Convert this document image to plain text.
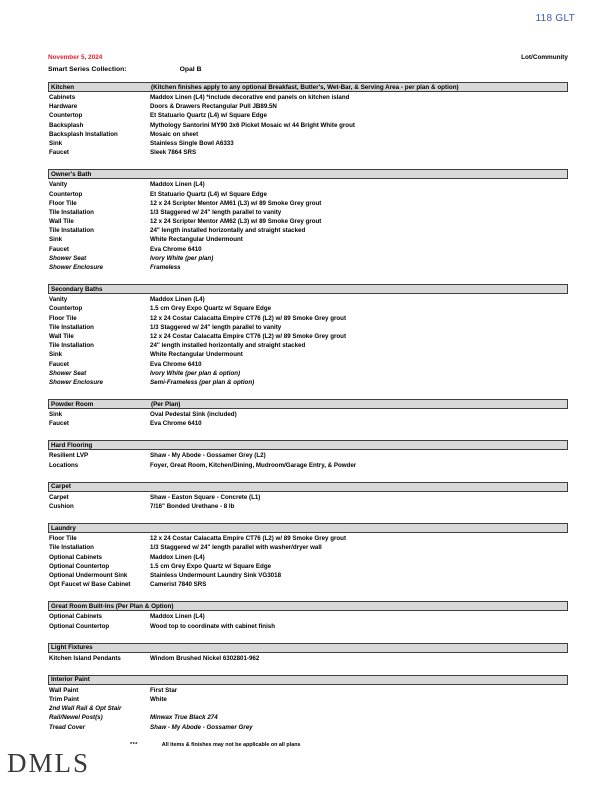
118 GLT
November 5, 2024	Lot/Community
Smart Series Collection:	Opal B
Kitchen	(Kitchen finishes apply to any optional Breakfast, Butler's, Wet-Bar, & Serving Area - per plan & option)
Cabinets	Maddox Linen (L4) *include decorative end panels on kitchen island
Hardware	Doors & Drawers Rectangular Pull JB89.5N
Countertop	Et Statuario Quartz (L4) w/ Square Edge
Backsplash	Mythology Santorini MY90 3x6 Picket Mosaic w/ 44 Bright White grout
Backsplash Installation	Mosaic on sheet
Sink	Stainless Single Bowl A6333
Faucet	Sleek 7864 SRS
Owner's Bath
Vanity	Maddox Linen (L4)
Countertop	Et Statuario Quartz (L4) w/ Square Edge
Floor Tile	12 x 24 Scripter Mentor AM61 (L3) w/ 89 Smoke Grey grout
Tile Installation	1/3 Staggered w/ 24" length parallel to vanity
Wall Tile	12 x 24 Scripter Mentor AM62 (L3) w/ 89 Smoke Grey grout
Tile Installation	24" length installed horizontally and straight stacked
Sink	White Rectangular Undermount
Faucet	Eva Chrome 6410
Shower Seat	Ivory White (per plan)
Shower Enclosure	Frameless
Secondary Baths
Vanity	Maddox Linen (L4)
Countertop	1.5 cm Grey Expo Quartz w/ Square Edge
Floor Tile	12 x 24 Costar Calacatta Empire CT76 (L2) w/ 89 Smoke Grey grout
Tile Installation	1/3 Staggered w/ 24" length parallel to vanity
Wall Tile	12 x 24 Costar Calacatta Empire CT76 (L2) w/ 89 Smoke Grey grout
Tile Installation	24" length installed horizontally and straight stacked
Sink	White Rectangular Undermount
Faucet	Eva Chrome 6410
Shower Seat	Ivory White (per plan & option)
Shower Enclosure	Semi-Frameless (per plan & option)
Powder Room	(Per Plan)
Sink	Oval Pedestal Sink (included)
Faucet	Eva Chrome 6410
Hard Flooring
Resilient LVP	Shaw - My Abode - Gossamer Grey (L2)
Locations	Foyer, Great Room, Kitchen/Dining, Mudroom/Garage Entry, & Powder
Carpet
Carpet	Shaw - Easton Square - Concrete (L1)
Cushion	7/16" Bonded Urethane - 8 lb
Laundry
Floor Tile	12 x 24 Costar Calacatta Empire CT76 (L2) w/ 89 Smoke Grey grout
Tile Installation	1/3 Staggered w/ 24" length parallel with washer/dryer wall
Optional Cabinets	Maddox Linen (L4)
Optional Countertop	1.5 cm Grey Expo Quartz w/ Square Edge
Optional Undermount Sink	Stainless Undermount Laundry Sink VG3018
Opt Faucet w/ Base Cabinet	Camerist 7840 SRS
Great Room Built-Ins (Per Plan & Option)
Optional Cabinets	Maddox Linen (L4)
Optional Countertop	Wood top to coordinate with cabinet finish
Light Fixtures
Kitchen Island Pendants	Windom Brushed Nickel 6302801-962
Interior Paint
Wall Paint	First Star
Trim Paint	White
2nd Wall Rail & Opt Stair
Rail/Newel Post(s)	Minwax True Black 274
Tread Cover	Shaw - My Abode - Gossamer Grey
***	All items & finishes may not be applicable on all plans
DMLS
